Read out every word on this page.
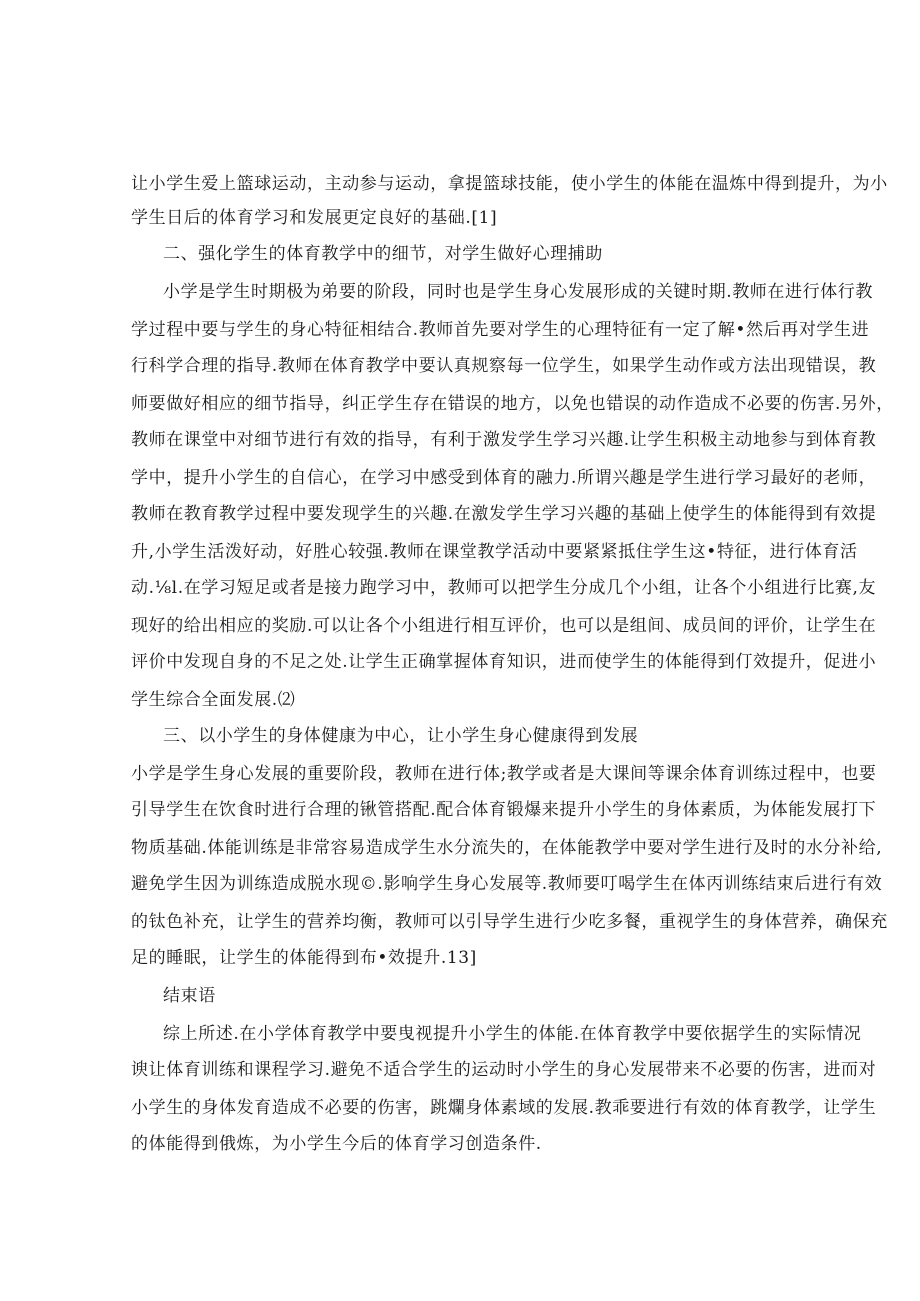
让小学生爱上篮球运动，主动参与运动，拿提篮球技能，使小学生的体能在温炼中得到提升，为小
学生日后的体育学习和发展更定良好的基础.[1]
二、强化学生的体育教学中的细节，对学生做好心理捕助
小学是学生时期极为弟要的阶段，同时也是学生身心发展形成的关键时期.教师在进行体行教
学过程中要与学生的身心特征相结合.教师首先要对学生的心理特征有一定了解•然后再对学生进
行科学合理的指导.教师在体育教学中要认真规察每一位学生，如果学生动作或方法出现错误，教
师要做好相应的细节指导，纠正学生存在错误的地方，以免也错误的动作造成不必要的伤害.另外，
教师在课堂中对细节进行有效的指导，有利于激发学生学习兴趣.让学生积极主动地参与到体育教
学中，提升小学生的自信心，在学习中感受到体育的融力.所谓兴趣是学生进行学习最好的老师，
教师在教育教学过程中要发现学生的兴趣.在激发学生学习兴趣的基础上使学生的体能得到有效提
升,小学生活泼好动，好胜心较强.教师在课堂教学活动中要紧紧抵住学生这•特征，进行体育活
动.⅛l.在学习短足或者是接力跑学习中，教师可以把学生分成几个小组，让各个小组进行比赛,友
现好的给出相应的奖励.可以让各个小组进行相互评价，也可以是组间、成员间的评价，让学生在
评价中发现自身的不足之处.让学生正确掌握体育知识，进而使学生的体能得到仃效提升，促进小
学生综合全面发展.⑵
三、以小学生的身体健康为中心，让小学生身心健康得到发展
小学是学生身心发展的重要阶段，教师在进行体;教学或者是大课间等课余体育训练过程中，也要
引导学生在饮食时进行合理的锹管搭配.配合体育锻爆来提升小学生的身体素质，为体能发展打下
物质基础.体能训练是非常容易造成学生水分流失的，在体能教学中要对学生进行及时的水分补给,
避免学生因为训练造成脱水现©.影响学生身心发展等.教师要叮喝学生在体丙训练结束后进行有效
的钛色补充，让学生的营养均衡，教师可以引导学生进行少吃多餐，重视学生的身体营养，确保充
足的睡眠，让学生的体能得到布•效提升.13]
结束语
综上所述.在小学体育教学中要曳视提升小学生的体能.在体育教学中要依据学生的实际情况
谀让体育训练和课程学习.避免不适合学生的运动时小学生的身心发展带来不必要的伤害，进而对
小学生的身体发育造成不必要的伤害，跳爛身体素域的发展.教乖要进行有效的体育教学，让学生
的体能得到俄炼，为小学生今后的体育学习创造条件.
